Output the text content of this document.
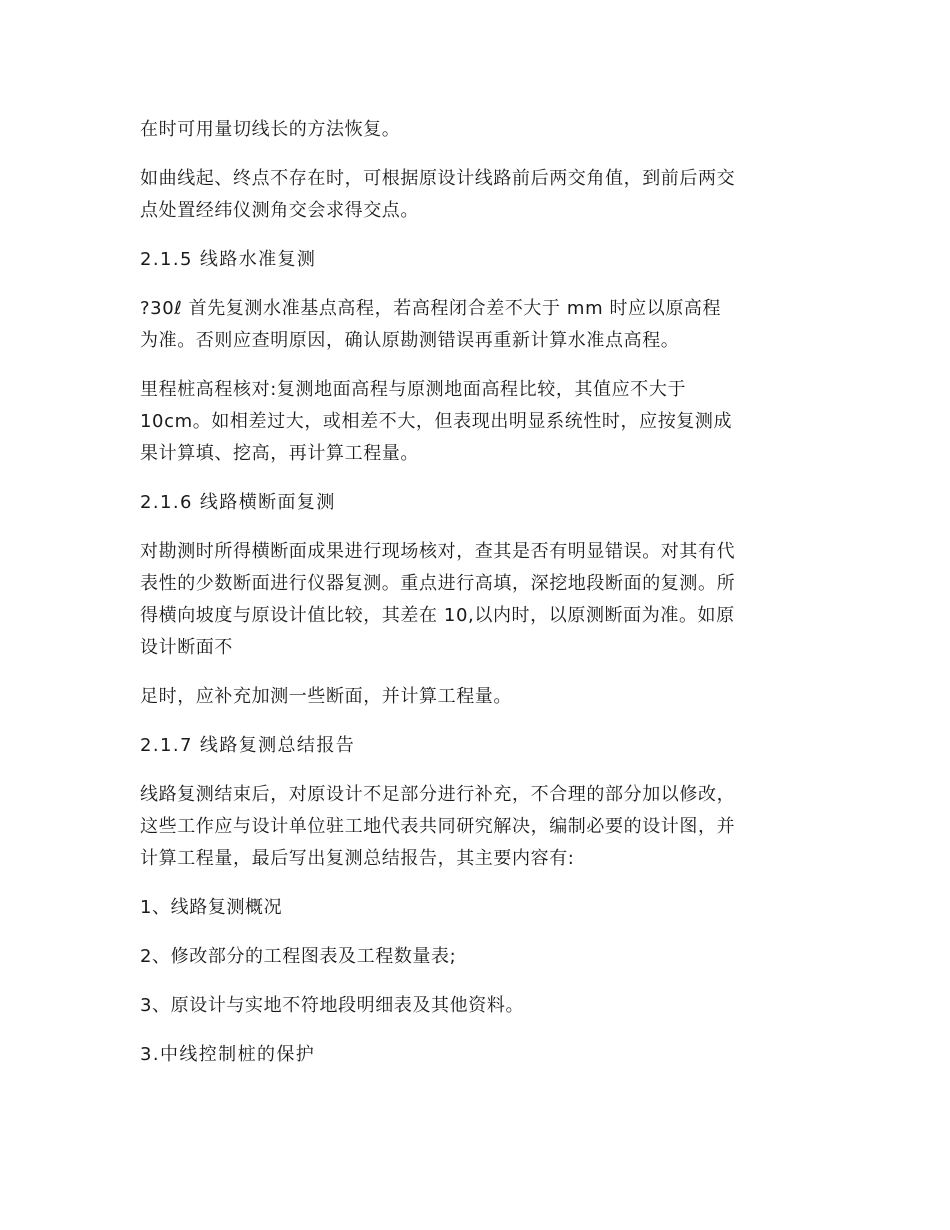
在时可用量切线长的方法恢复。

如曲线起、终点不存在时，可根据原设计线路前后两交角值，到前后两交
点处置经纬仪测角交会求得交点。

2.1.5 线路水准复测

?30ℓ 首先复测水准基点高程，若高程闭合差不大于 mm 时应以原高程
为准。否则应查明原因，确认原勘测错误再重新计算水准点高程。

里程桩高程核对:复测地面高程与原测地面高程比较，其值应不大于
10cm。如相差过大，或相差不大，但表现出明显系统性时，应按复测成
果计算填、挖高，再计算工程量。

2.1.6 线路横断面复测

对勘测时所得横断面成果进行现场核对，查其是否有明显错误。对其有代
表性的少数断面进行仪器复测。重点进行高填，深挖地段断面的复测。所
得横向坡度与原设计值比较，其差在 10,以内时，以原测断面为准。如原
设计断面不

足时，应补充加测一些断面，并计算工程量。

2.1.7 线路复测总结报告

线路复测结束后，对原设计不足部分进行补充，不合理的部分加以修改，
这些工作应与设计单位驻工地代表共同研究解决，编制必要的设计图，并
计算工程量，最后写出复测总结报告，其主要内容有:

1、线路复测概况

2、修改部分的工程图表及工程数量表;

3、原设计与实地不符地段明细表及其他资料。

3.中线控制桩的保护
